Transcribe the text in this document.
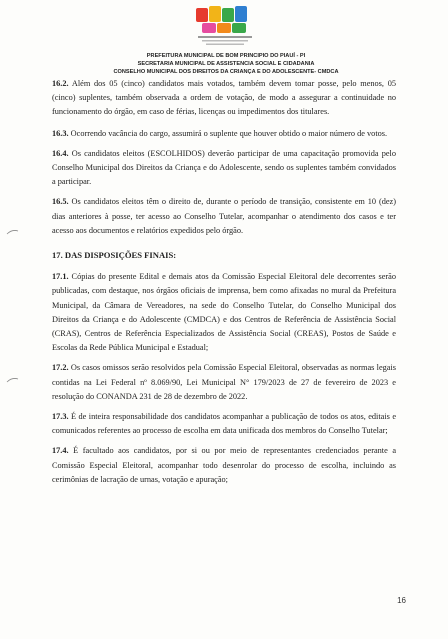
PREFEITURA MUNICIPAL DE BOM PRINCIPIO DO PIAUÍ - PI
SECRETARIA MUNICIPAL DE ASSISTENCIA SOCIAL E CIDADANIA
CONSELHO MUNICIPAL DOS DIREITOS DA CRIANÇA E DO ADOLESCENTE- CMDCA

16.2. Além dos 05 (cinco) candidatos mais votados, também devem tomar posse, pelo menos, 05 (cinco) suplentes, também observada a ordem de votação, de modo a assegurar a continuidade no funcionamento do órgão, em caso de férias, licenças ou impedimentos dos titulares.

16.3. Ocorrendo vacância do cargo, assumirá o suplente que houver obtido o maior número de votos.

16.4. Os candidatos eleitos (ESCOLHIDOS) deverão participar de uma capacitação promovida pelo Conselho Municipal dos Direitos da Criança e do Adolescente, sendo os suplentes também convidados a participar.

16.5. Os candidatos eleitos têm o direito de, durante o período de transição, consistente em 10 (dez) dias anteriores à posse, ter acesso ao Conselho Tutelar, acompanhar o atendimento dos casos e ter acesso aos documentos e relatórios expedidos pelo órgão.

17. DAS DISPOSIÇÕES FINAIS:

17.1. Cópias do presente Edital e demais atos da Comissão Especial Eleitoral dele decorrentes serão publicadas, com destaque, nos órgãos oficiais de imprensa, bem como afixadas no mural da Prefeitura Municipal, da Câmara de Vereadores, na sede do Conselho Tutelar, do Conselho Municipal dos Direitos da Criança e do Adolescente (CMDCA) e dos Centros de Referência de Assistência Social (CRAS), Centros de Referência Especializados de Assistência Social (CREAS), Postos de Saúde e Escolas da Rede Pública Municipal e Estadual;

17.2. Os casos omissos serão resolvidos pela Comissão Especial Eleitoral, observadas as normas legais contidas na Lei Federal nº 8.069/90, Lei Municipal N° 179/2023 de 27 de fevereiro de 2023 e resolução do CONANDA 231 de 28 de dezembro de 2022.

17.3. É de inteira responsabilidade dos candidatos acompanhar a publicação de todos os atos, editais e comunicados referentes ao processo de escolha em data unificada dos membros do Conselho Tutelar;

17.4. É facultado aos candidatos, por si ou por meio de representantes credenciados perante a Comissão Especial Eleitoral, acompanhar todo desenrolar do processo de escolha, incluindo as cerimônias de lacração de urnas, votação e apuração;

16
